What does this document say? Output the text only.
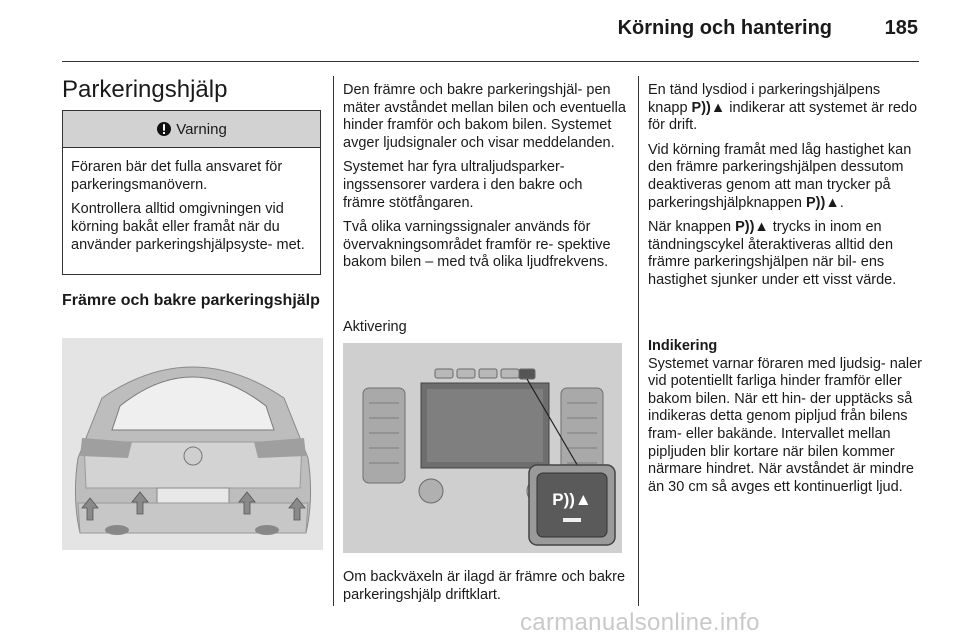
Körning och hantering	185
Parkeringshjälp
Varning

Föraren bär det fulla ansvaret för parkeringsmanövern.

Kontrollera alltid omgivningen vid körning bakåt eller framåt när du använder parkeringshjälpsyste- met.

Främre och bakre parkeringshjälp

Den främre och bakre parkeringshjäl- pen mäter avståndet mellan bilen och eventuella hinder framför och bakom bilen. Systemet avger ljudsignaler och visar meddelanden.

Systemet har fyra ultraljudsparker- ingssensorer vardera i den bakre och främre stötfångaren.

Två olika varningssignaler används för övervakningsområdet framför re- spektive bakom bilen – med två olika ljudfrekvens.

Aktivering
P))▲
Om backväxeln är ilagd är främre och bakre parkeringshjälp driftklart.

En tänd lysdiod i parkeringshjälpens knapp P))▲ indikerar att systemet är redo för drift.

Vid körning framåt med låg hastighet kan den främre parkeringshjälpen dessutom deaktiveras genom att man trycker på parkeringshjälpknappen P))▲.

När knappen P))▲ trycks in inom en tändningscykel återaktiveras alltid den främre parkeringshjälpen när bil- ens hastighet sjunker under ett visst värde.

Indikering
Systemet varnar föraren med ljudsig- naler vid potentiellt farliga hinder framför eller bakom bilen. När ett hin- der upptäcks så indikeras detta genom pipljud från bilens fram- eller bakände. Intervallet mellan pipljuden blir kortare när bilen kommer närmare hindret. När avståndet är mindre än 30 cm så avges ett kontinuerligt ljud.
carmanualsonline.info
